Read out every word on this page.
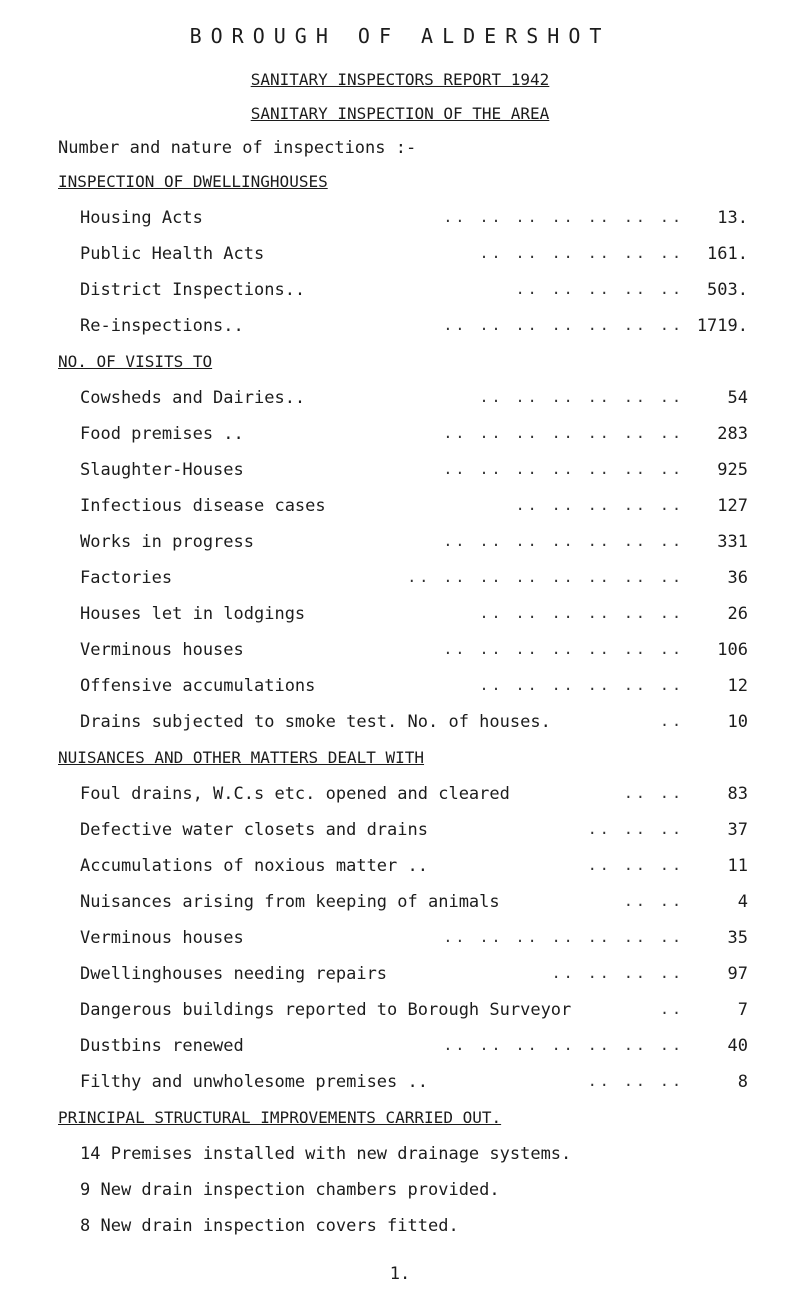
BOROUGH OF ALDERSHOT
SANITARY INSPECTORS REPORT 1942
SANITARY INSPECTION OF THE AREA
Number and nature of inspections :-
INSPECTION OF DWELLINGHOUSES
Housing Acts	.. .. .. .. .. .. ..	13.
Public Health Acts	.. .. .. .. .. ..	161.
District Inspections..	.. .. .. .. ..	503.
Re-inspections..	.. .. .. .. .. .. .. 1719.
NO. OF VISITS TO
Cowsheds and Dairies..	.. .. .. .. .. ..	54
Food premises ..	.. .. .. .. .. .. ..	283
Slaughter-Houses	.. .. .. .. .. .. ..	925
Infectious disease cases	.. .. .. .. ..	127
Works in progress	.. .. .. .. .. .. ..	331
Factories	.. .. .. .. .. .. .. ..	36
Houses let in lodgings	.. .. .. .. .. ..	26
Verminous houses	.. .. .. .. .. .. ..	106
Offensive accumulations	.. .. .. .. .. ..	12
Drains subjected to smoke test. No. of houses.	..	10
NUISANCES AND OTHER MATTERS DEALT WITH
Foul drains, W.C.s etc. opened and cleared	.. ..	83
Defective water closets and drains	.. .. ..	37
Accumulations of noxious matter ..	.. .. ..	11
Nuisances arising from keeping of animals	.. ..	4
Verminous houses	.. .. .. .. .. .. ..	35
Dwellinghouses needing repairs	.. .. .. ..	97
Dangerous buildings reported to Borough Surveyor	..	7
Dustbins renewed	.. .. .. .. .. .. ..	40
Filthy and unwholesome premises ..	.. .. ..	8
PRINCIPAL STRUCTURAL IMPROVEMENTS CARRIED OUT.
14 Premises installed with new drainage systems.
9 New drain inspection chambers provided.
8 New drain inspection covers fitted.
1.
